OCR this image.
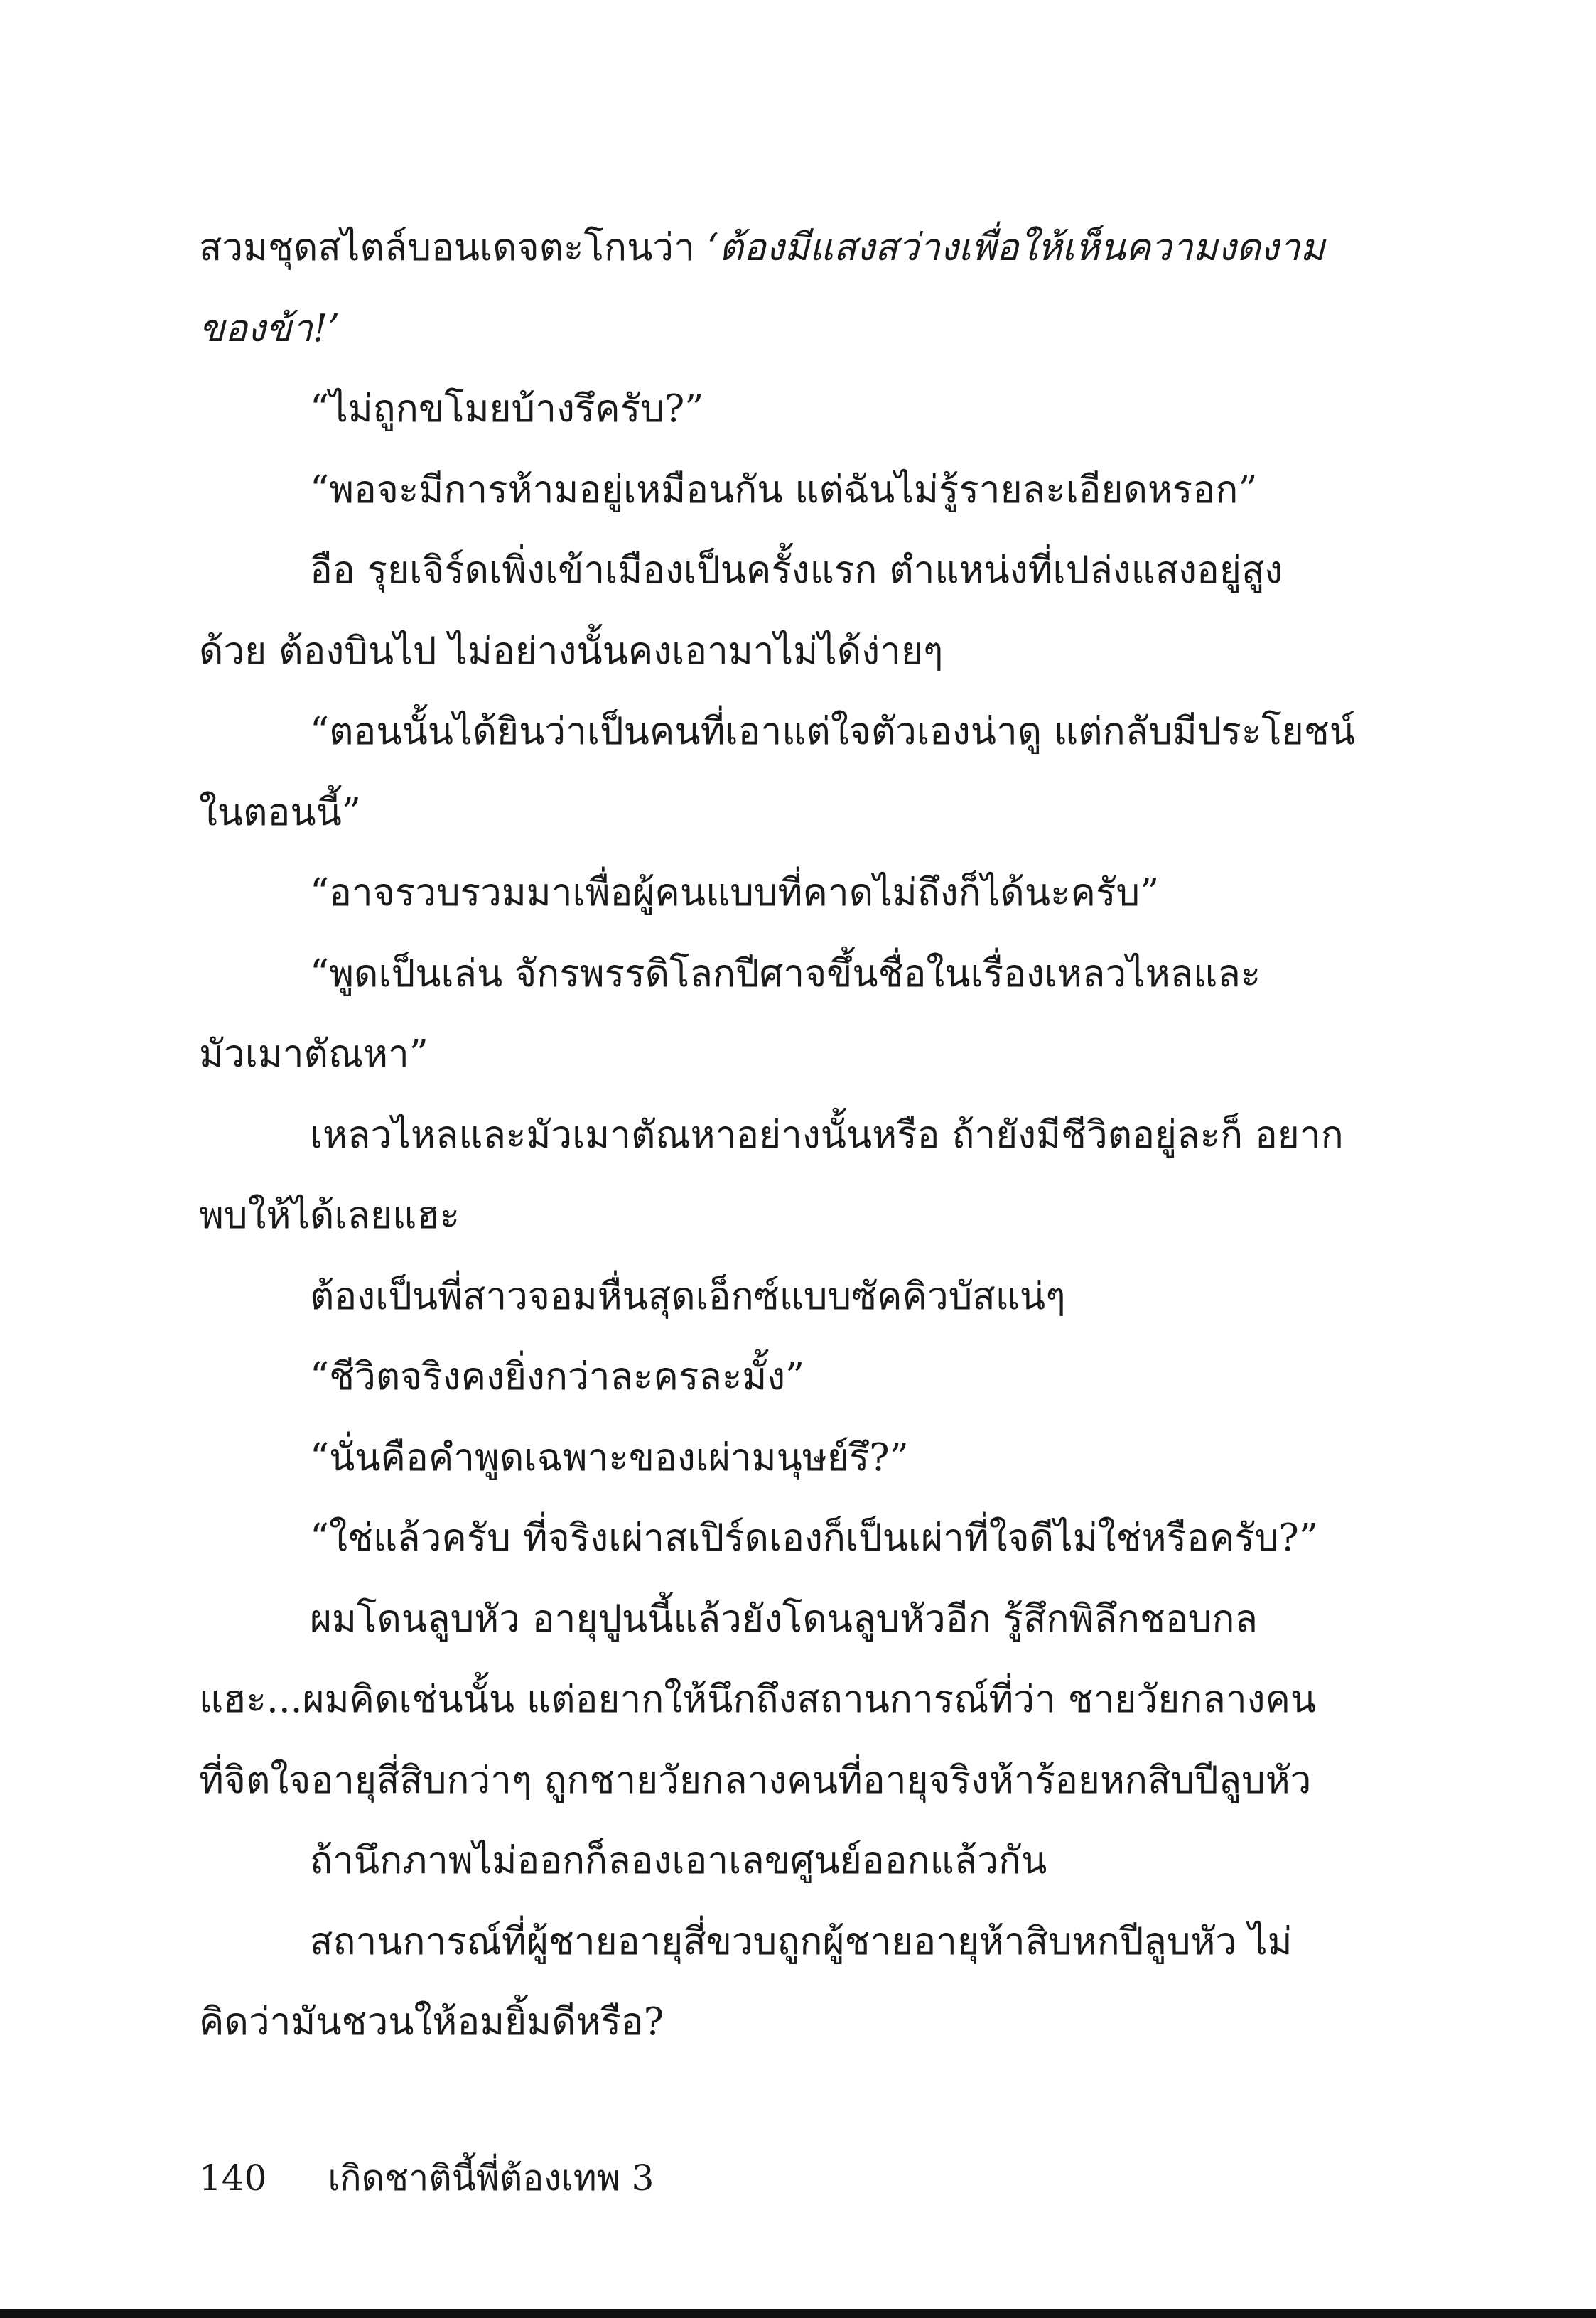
สวมชุดสไตล์บอนเดจตะโกนว่า ‘ต้องมีแสงสว่างเพื่อให้เห็นความงดงาม
ของข้า!’
“ไม่ถูกขโมยบ้างรึครับ?”
“พอจะมีการห้ามอยู่เหมือนกัน แต่ฉันไม่รู้รายละเอียดหรอก”
อือ รุยเจิร์ดเพิ่งเข้าเมืองเป็นครั้งแรก ตำแหน่งที่เปล่งแสงอยู่สูง
ด้วย ต้องบินไป ไม่อย่างนั้นคงเอามาไม่ได้ง่ายๆ
“ตอนนั้นได้ยินว่าเป็นคนที่เอาแต่ใจตัวเองน่าดู แต่กลับมีประโยชน์
ในตอนนี้”
“อาจรวบรวมมาเพื่อผู้คนแบบที่คาดไม่ถึงก็ได้นะครับ”
“พูดเป็นเล่น จักรพรรดิโลกปีศาจขึ้นชื่อในเรื่องเหลวไหลและ
มัวเมาตัณหา”
เหลวไหลและมัวเมาตัณหาอย่างนั้นหรือ ถ้ายังมีชีวิตอยู่ละก็ อยาก
พบให้ได้เลยแฮะ
ต้องเป็นพี่สาวจอมหื่นสุดเอ็กซ์แบบซัคคิวบัสแน่ๆ
“ชีวิตจริงคงยิ่งกว่าละครละมั้ง”
“นั่นคือคำพูดเฉพาะของเผ่ามนุษย์รึ?”
“ใช่แล้วครับ ที่จริงเผ่าสเปิร์ดเองก็เป็นเผ่าที่ใจดีไม่ใช่หรือครับ?”
ผมโดนลูบหัว อายุปูนนี้แล้วยังโดนลูบหัวอีก รู้สึกพิลึกชอบกล
แฮะ...ผมคิดเช่นนั้น แต่อยากให้นึกถึงสถานการณ์ที่ว่า ชายวัยกลางคน
ที่จิตใจอายุสี่สิบกว่าๆ ถูกชายวัยกลางคนที่อายุจริงห้าร้อยหกสิบปีลูบหัว
ถ้านึกภาพไม่ออกก็ลองเอาเลขศูนย์ออกแล้วกัน
สถานการณ์ที่ผู้ชายอายุสี่ขวบถูกผู้ชายอายุห้าสิบหกปีลูบหัว ไม่
คิดว่ามันชวนให้อมยิ้มดีหรือ?
140 เกิดชาตินี้พี่ต้องเทพ 3
